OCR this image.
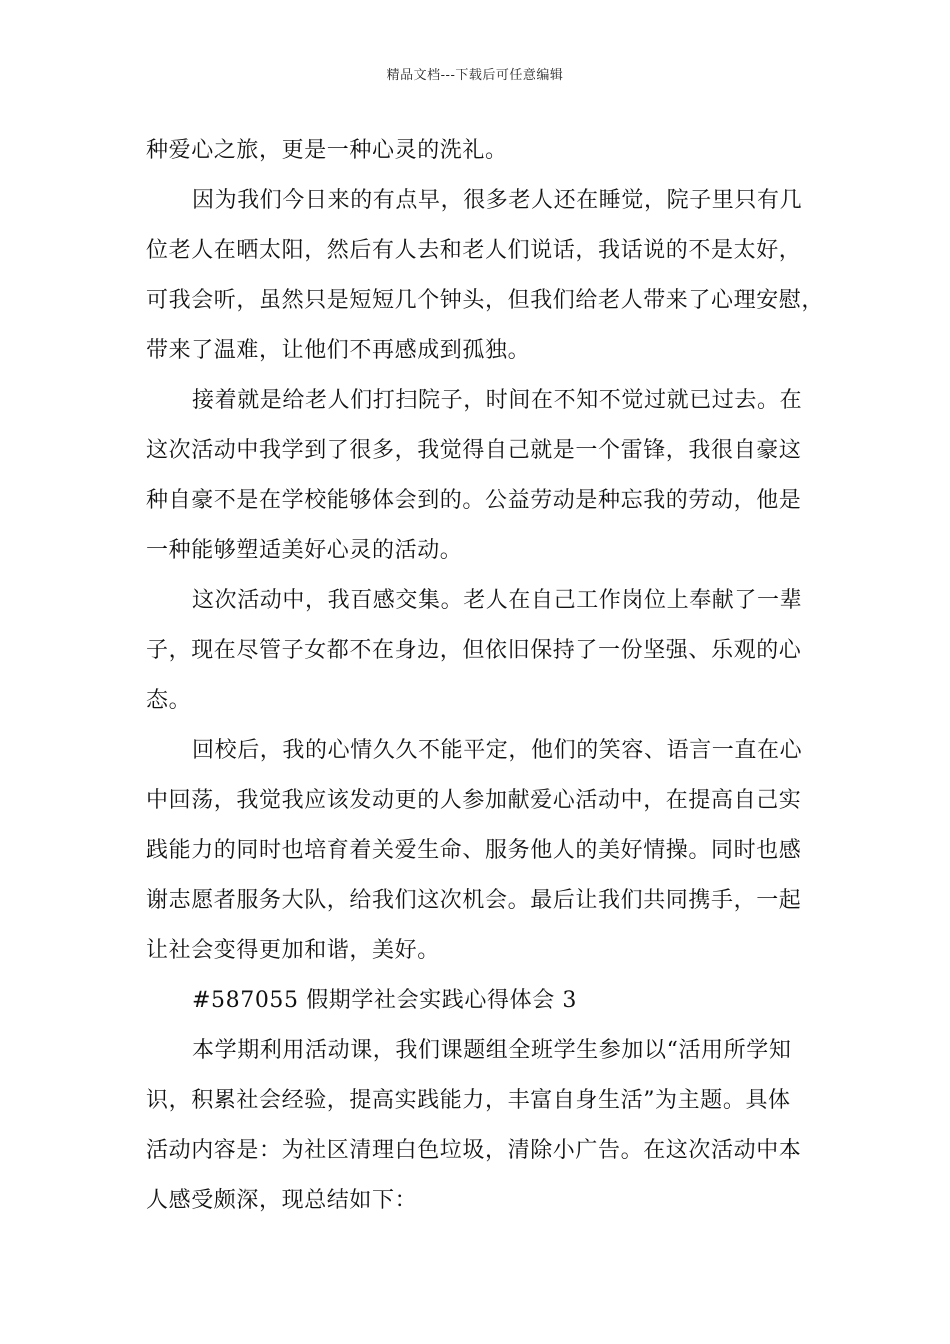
精品文档---下载后可任意编辑
种爱心之旅，更是一种心灵的洗礼。
因为我们今日来的有点早，很多老人还在睡觉，院子里只有几
位老人在晒太阳，然后有人去和老人们说话，我话说的不是太好，
可我会听，虽然只是短短几个钟头，但我们给老人带来了心理安慰，
带来了温难，让他们不再感成到孤独。
接着就是给老人们打扫院子，时间在不知不觉过就已过去。在
这次活动中我学到了很多，我觉得自己就是一个雷锋，我很自豪这
种自豪不是在学校能够体会到的。公益劳动是种忘我的劳动，他是
一种能够塑适美好心灵的活动。
这次活动中，我百感交集。老人在自己工作岗位上奉献了一辈
子，现在尽管子女都不在身边，但依旧保持了一份坚强、乐观的心
态。
回校后，我的心情久久不能平定，他们的笑容、语言一直在心
中回荡，我觉我应该发动更的人参加献爱心活动中，在提高自己实
践能力的同时也培育着关爱生命、服务他人的美好情操。同时也感
谢志愿者服务大队，给我们这次机会。最后让我们共同携手，一起
让社会变得更加和谐，美好。
#587055 假期学社会实践心得体会 3
本学期利用活动课，我们课题组全班学生参加以“活用所学知
识，积累社会经验，提高实践能力，丰富自身生活”为主题。具体
活动内容是：为社区清理白色垃圾，清除小广告。在这次活动中本
人感受颇深，现总结如下：
